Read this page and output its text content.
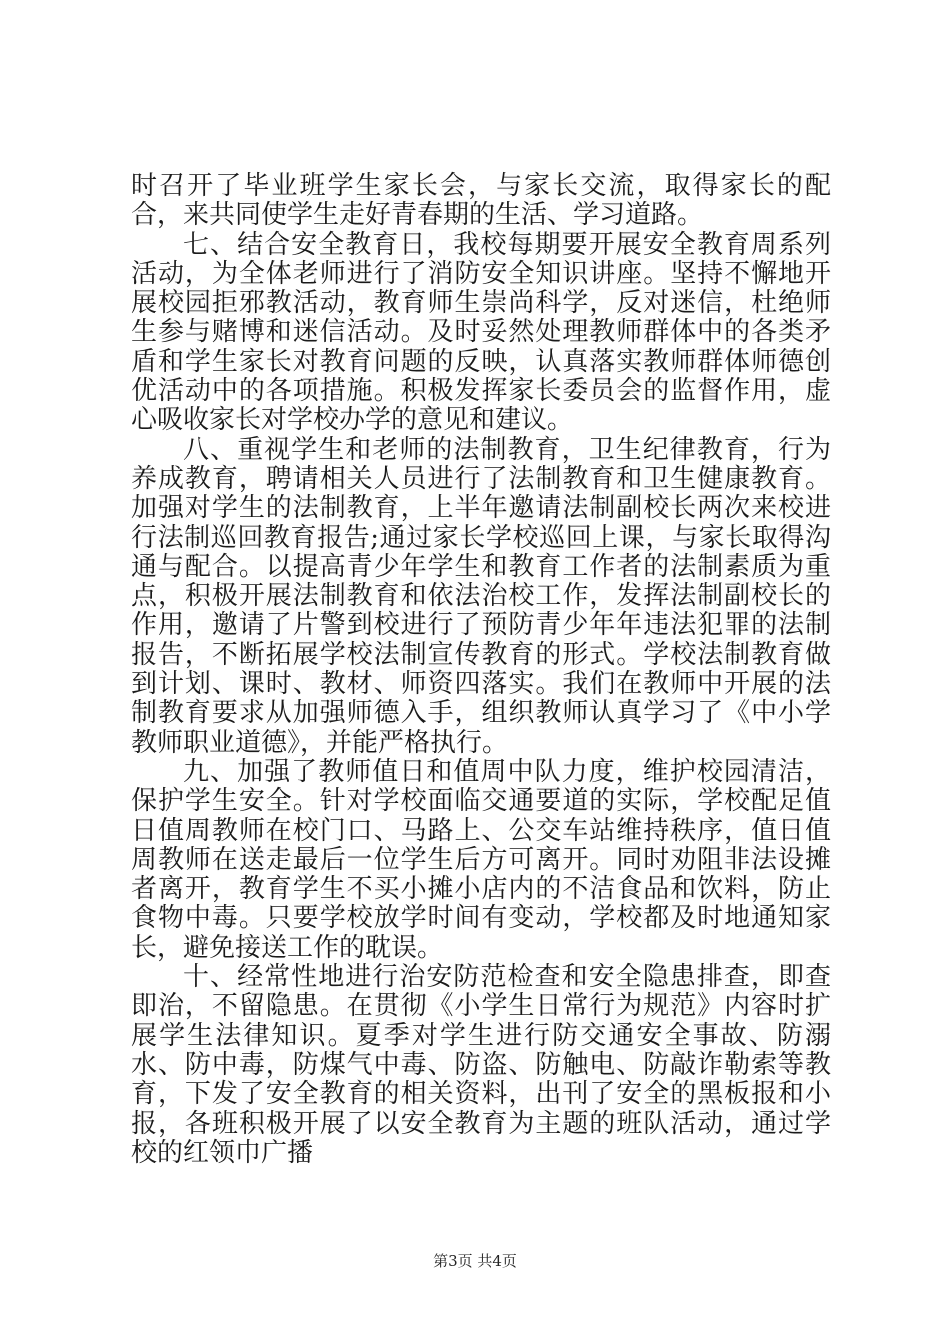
时召开了毕业班学生家长会，与家长交流，取得家长的配合，来共同使学生走好青春期的生活、学习道路。

七、结合安全教育日，我校每期要开展安全教育周系列活动，为全体老师进行了消防安全知识讲座。坚持不懈地开展校园拒邪教活动，教育师生崇尚科学，反对迷信，杜绝师生参与赌博和迷信活动。及时妥然处理教师群体中的各类矛盾和学生家长对教育问题的反映，认真落实教师群体师德创优活动中的各项措施。积极发挥家长委员会的监督作用，虚心吸收家长对学校办学的意见和建议。

八、重视学生和老师的法制教育，卫生纪律教育，行为养成教育，聘请相关人员进行了法制教育和卫生健康教育。加强对学生的法制教育，上半年邀请法制副校长两次来校进行法制巡回教育报告;通过家长学校巡回上课，与家长取得沟通与配合。以提高青少年学生和教育工作者的法制素质为重点，积极开展法制教育和依法治校工作，发挥法制副校长的作用，邀请了片警到校进行了预防青少年年违法犯罪的法制报告，不断拓展学校法制宣传教育的形式。学校法制教育做到计划、课时、教材、师资四落实。我们在教师中开展的法制教育要求从加强师德入手，组织教师认真学习了《中小学教师职业道德》，并能严格执行。

九、加强了教师值日和值周中队力度，维护校园清洁，保护学生安全。针对学校面临交通要道的实际，学校配足值日值周教师在校门口、马路上、公交车站维持秩序，值日值周教师在送走最后一位学生后方可离开。同时劝阻非法设摊者离开，教育学生不买小摊小店内的不洁食品和饮料，防止食物中毒。只要学校放学时间有变动，学校都及时地通知家长，避免接送工作的耽误。

十、经常性地进行治安防范检查和安全隐患排查，即查即治，不留隐患。在贯彻《小学生日常行为规范》内容时扩展学生法律知识。夏季对学生进行防交通安全事故、防溺水、防中毒，防煤气中毒、防盗、防触电、防敲诈勒索等教育，下发了安全教育的相关资料，出刊了安全的黑板报和小报，各班积极开展了以安全教育为主题的班队活动，通过学校的红领巾广播

第3页 共4页
